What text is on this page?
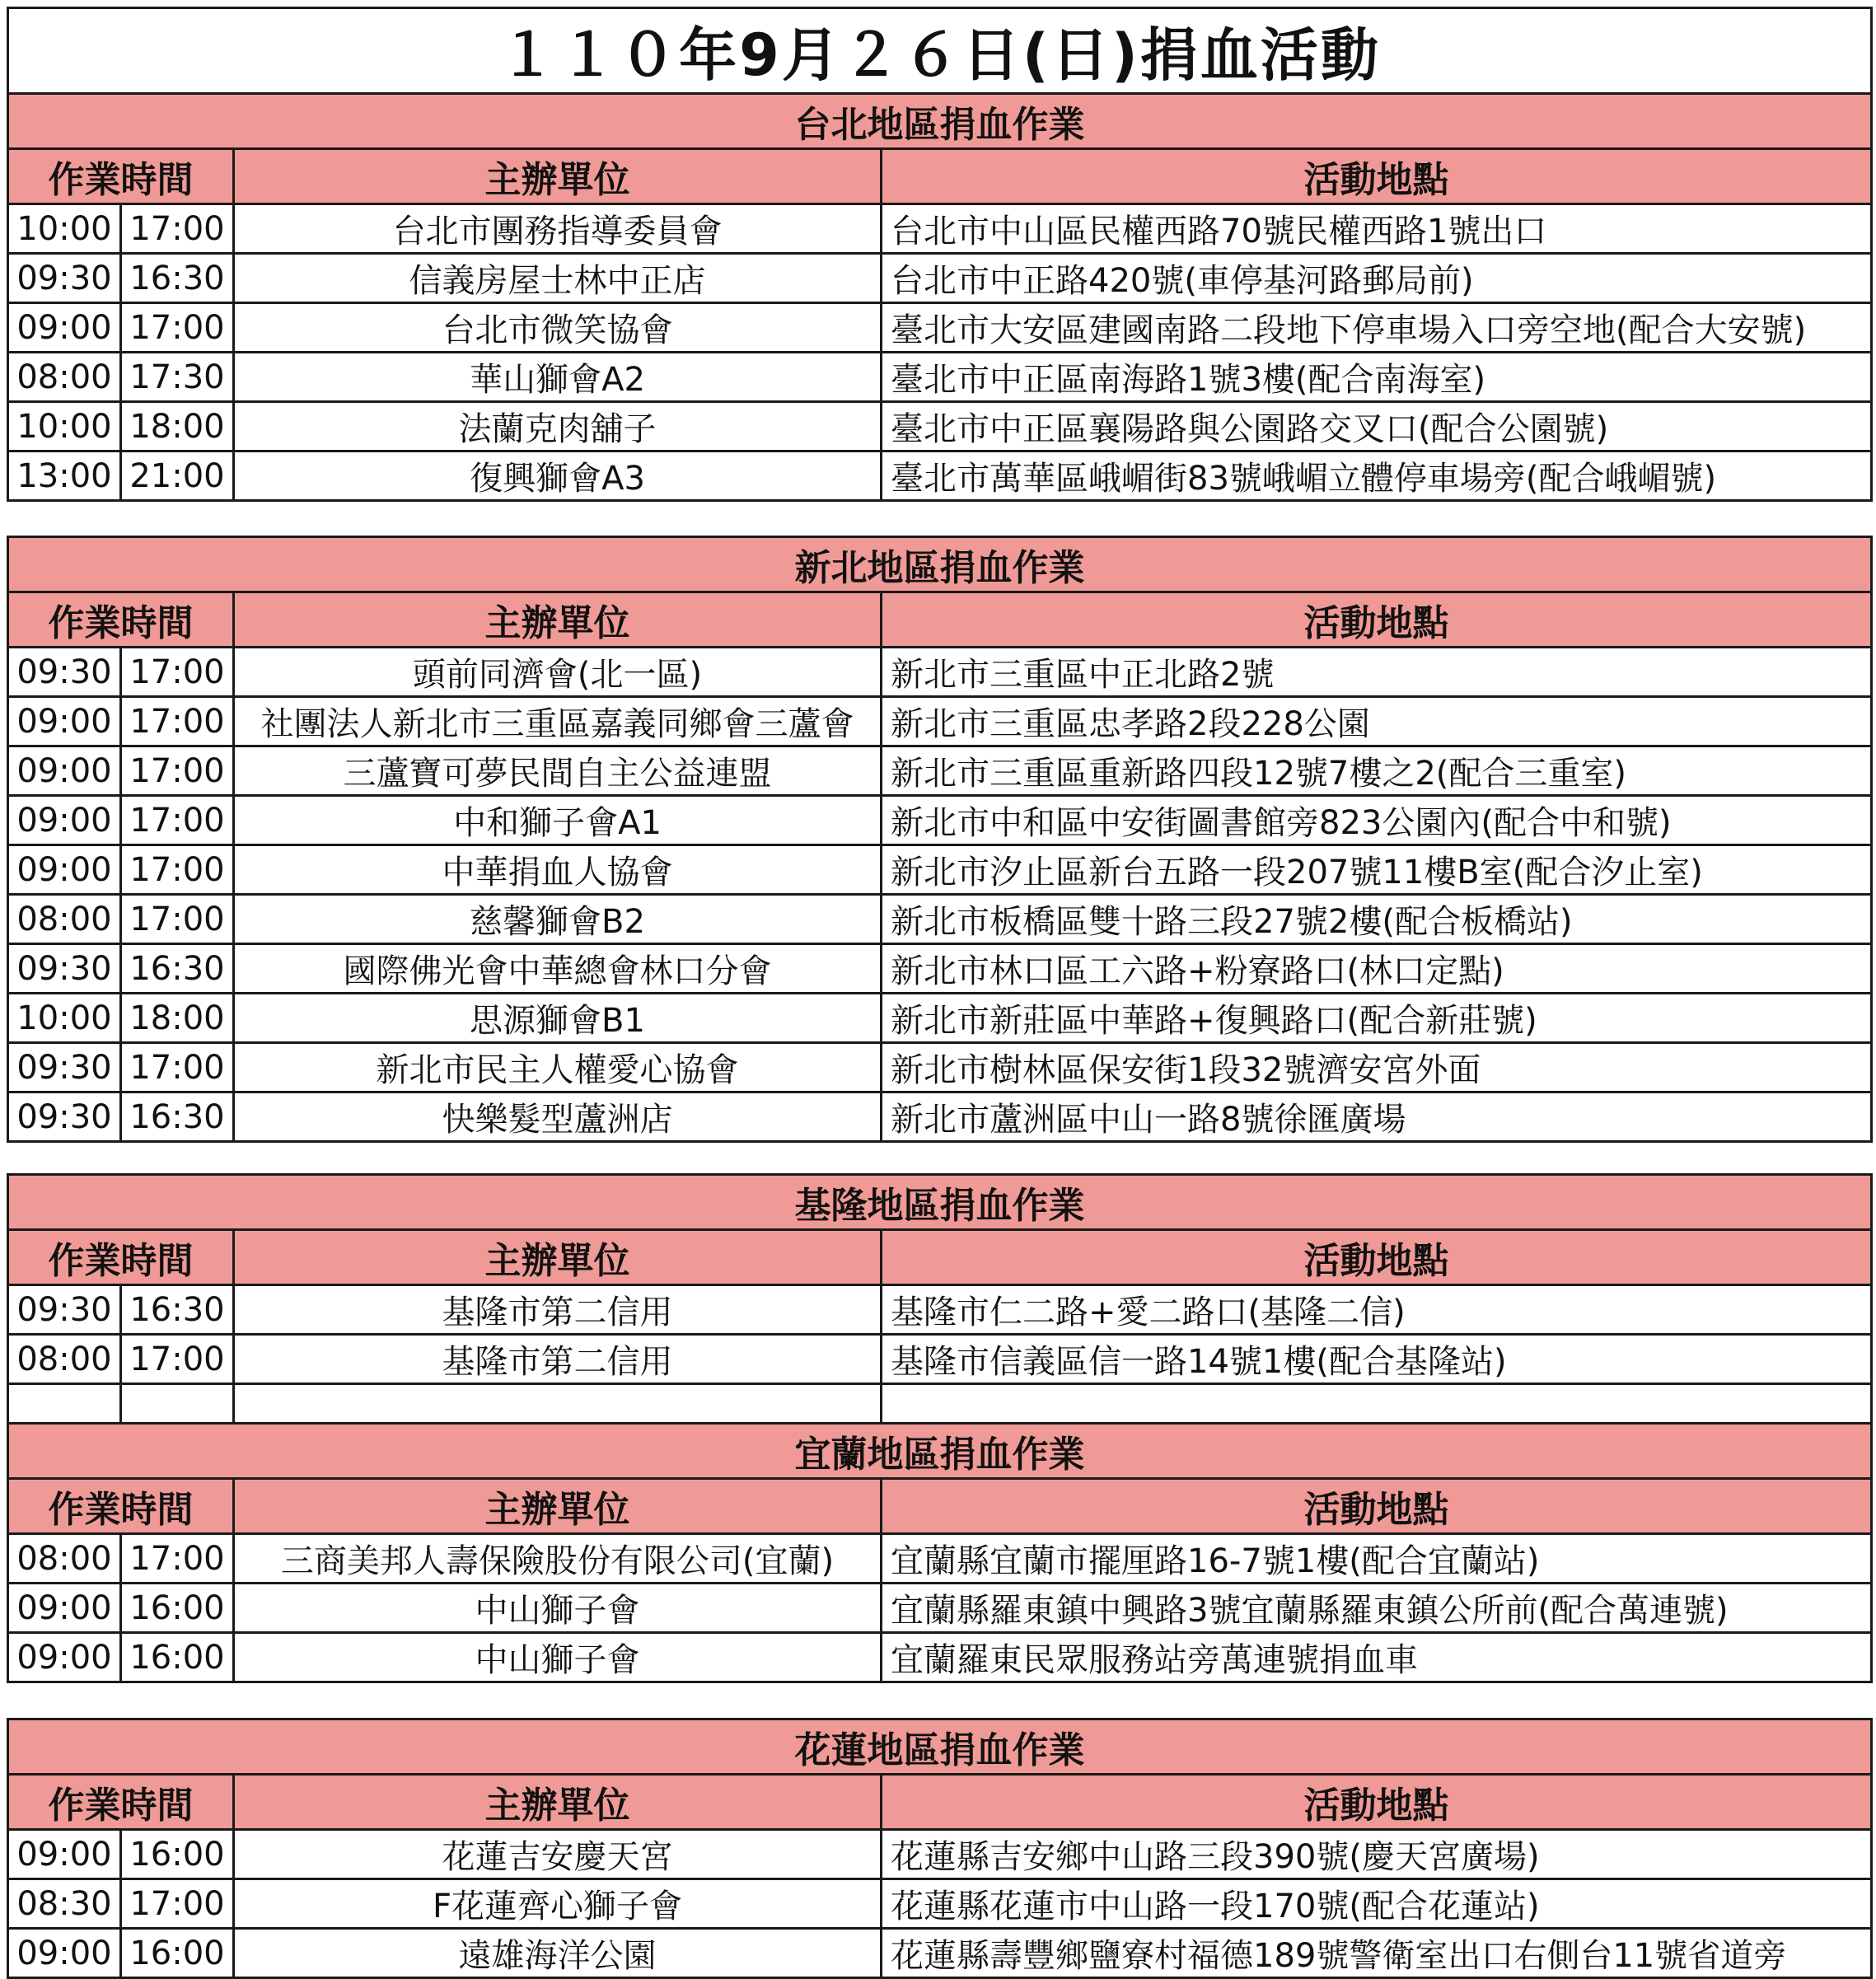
１１０年9月２６日(日)捐血活動			
台北地區捐血作業			
作業時間		主辦單位	活動地點
10:00	17:00	台北市團務指導委員會	台北市中山區民權西路70號民權西路1號出口
09:30	16:30	信義房屋士林中正店	台北市中正路420號(車停基河路郵局前)
09:00	17:00	台北市微笑協會	臺北市大安區建國南路二段地下停車場入口旁空地(配合大安號)
08:00	17:30	華山獅會A2	臺北市中正區南海路1號3樓(配合南海室)
10:00	18:00	法蘭克肉舖子	臺北市中正區襄陽路與公園路交叉口(配合公園號)
13:00	21:00	復興獅會A3	臺北市萬華區峨嵋街83號峨嵋立體停車場旁(配合峨嵋號)
新北地區捐血作業			
作業時間		主辦單位	活動地點
09:30	17:00	頭前同濟會(北一區)	新北市三重區中正北路2號
09:00	17:00	社團法人新北市三重區嘉義同鄉會三蘆會	新北市三重區忠孝路2段228公園
09:00	17:00	三蘆寶可夢民間自主公益連盟	新北市三重區重新路四段12號7樓之2(配合三重室)
09:00	17:00	中和獅子會A1	新北市中和區中安街圖書館旁823公園內(配合中和號)
09:00	17:00	中華捐血人協會	新北市汐止區新台五路一段207號11樓B室(配合汐止室)
08:00	17:00	慈馨獅會B2	新北市板橋區雙十路三段27號2樓(配合板橋站)
09:30	16:30	國際佛光會中華總會林口分會	新北市林口區工六路+粉寮路口(林口定點)
10:00	18:00	思源獅會B1	新北市新莊區中華路+復興路口(配合新莊號)
09:30	17:00	新北市民主人權愛心協會	新北市樹林區保安街1段32號濟安宮外面
09:30	16:30	快樂髮型蘆洲店	新北市蘆洲區中山一路8號徐匯廣場
基隆地區捐血作業			
作業時間		主辦單位	活動地點
09:30	16:30	基隆市第二信用	基隆市仁二路+愛二路口(基隆二信)
08:00	17:00	基隆市第二信用	基隆市信義區信一路14號1樓(配合基隆站)

宜蘭地區捐血作業			
作業時間		主辦單位	活動地點
08:00	17:00	三商美邦人壽保險股份有限公司(宜蘭)	宜蘭縣宜蘭市擺厘路16-7號1樓(配合宜蘭站)
09:00	16:00	中山獅子會	宜蘭縣羅東鎮中興路3號宜蘭縣羅東鎮公所前(配合萬連號)
09:00	16:00	中山獅子會	宜蘭羅東民眾服務站旁萬連號捐血車
花蓮地區捐血作業			
作業時間		主辦單位	活動地點
09:00	16:00	花蓮吉安慶天宮	花蓮縣吉安鄉中山路三段390號(慶天宮廣場)
08:30	17:00	F花蓮齊心獅子會	花蓮縣花蓮市中山路一段170號(配合花蓮站)
09:00	16:00	遠雄海洋公園	花蓮縣壽豐鄉鹽寮村福德189號警衛室出口右側台11號省道旁
